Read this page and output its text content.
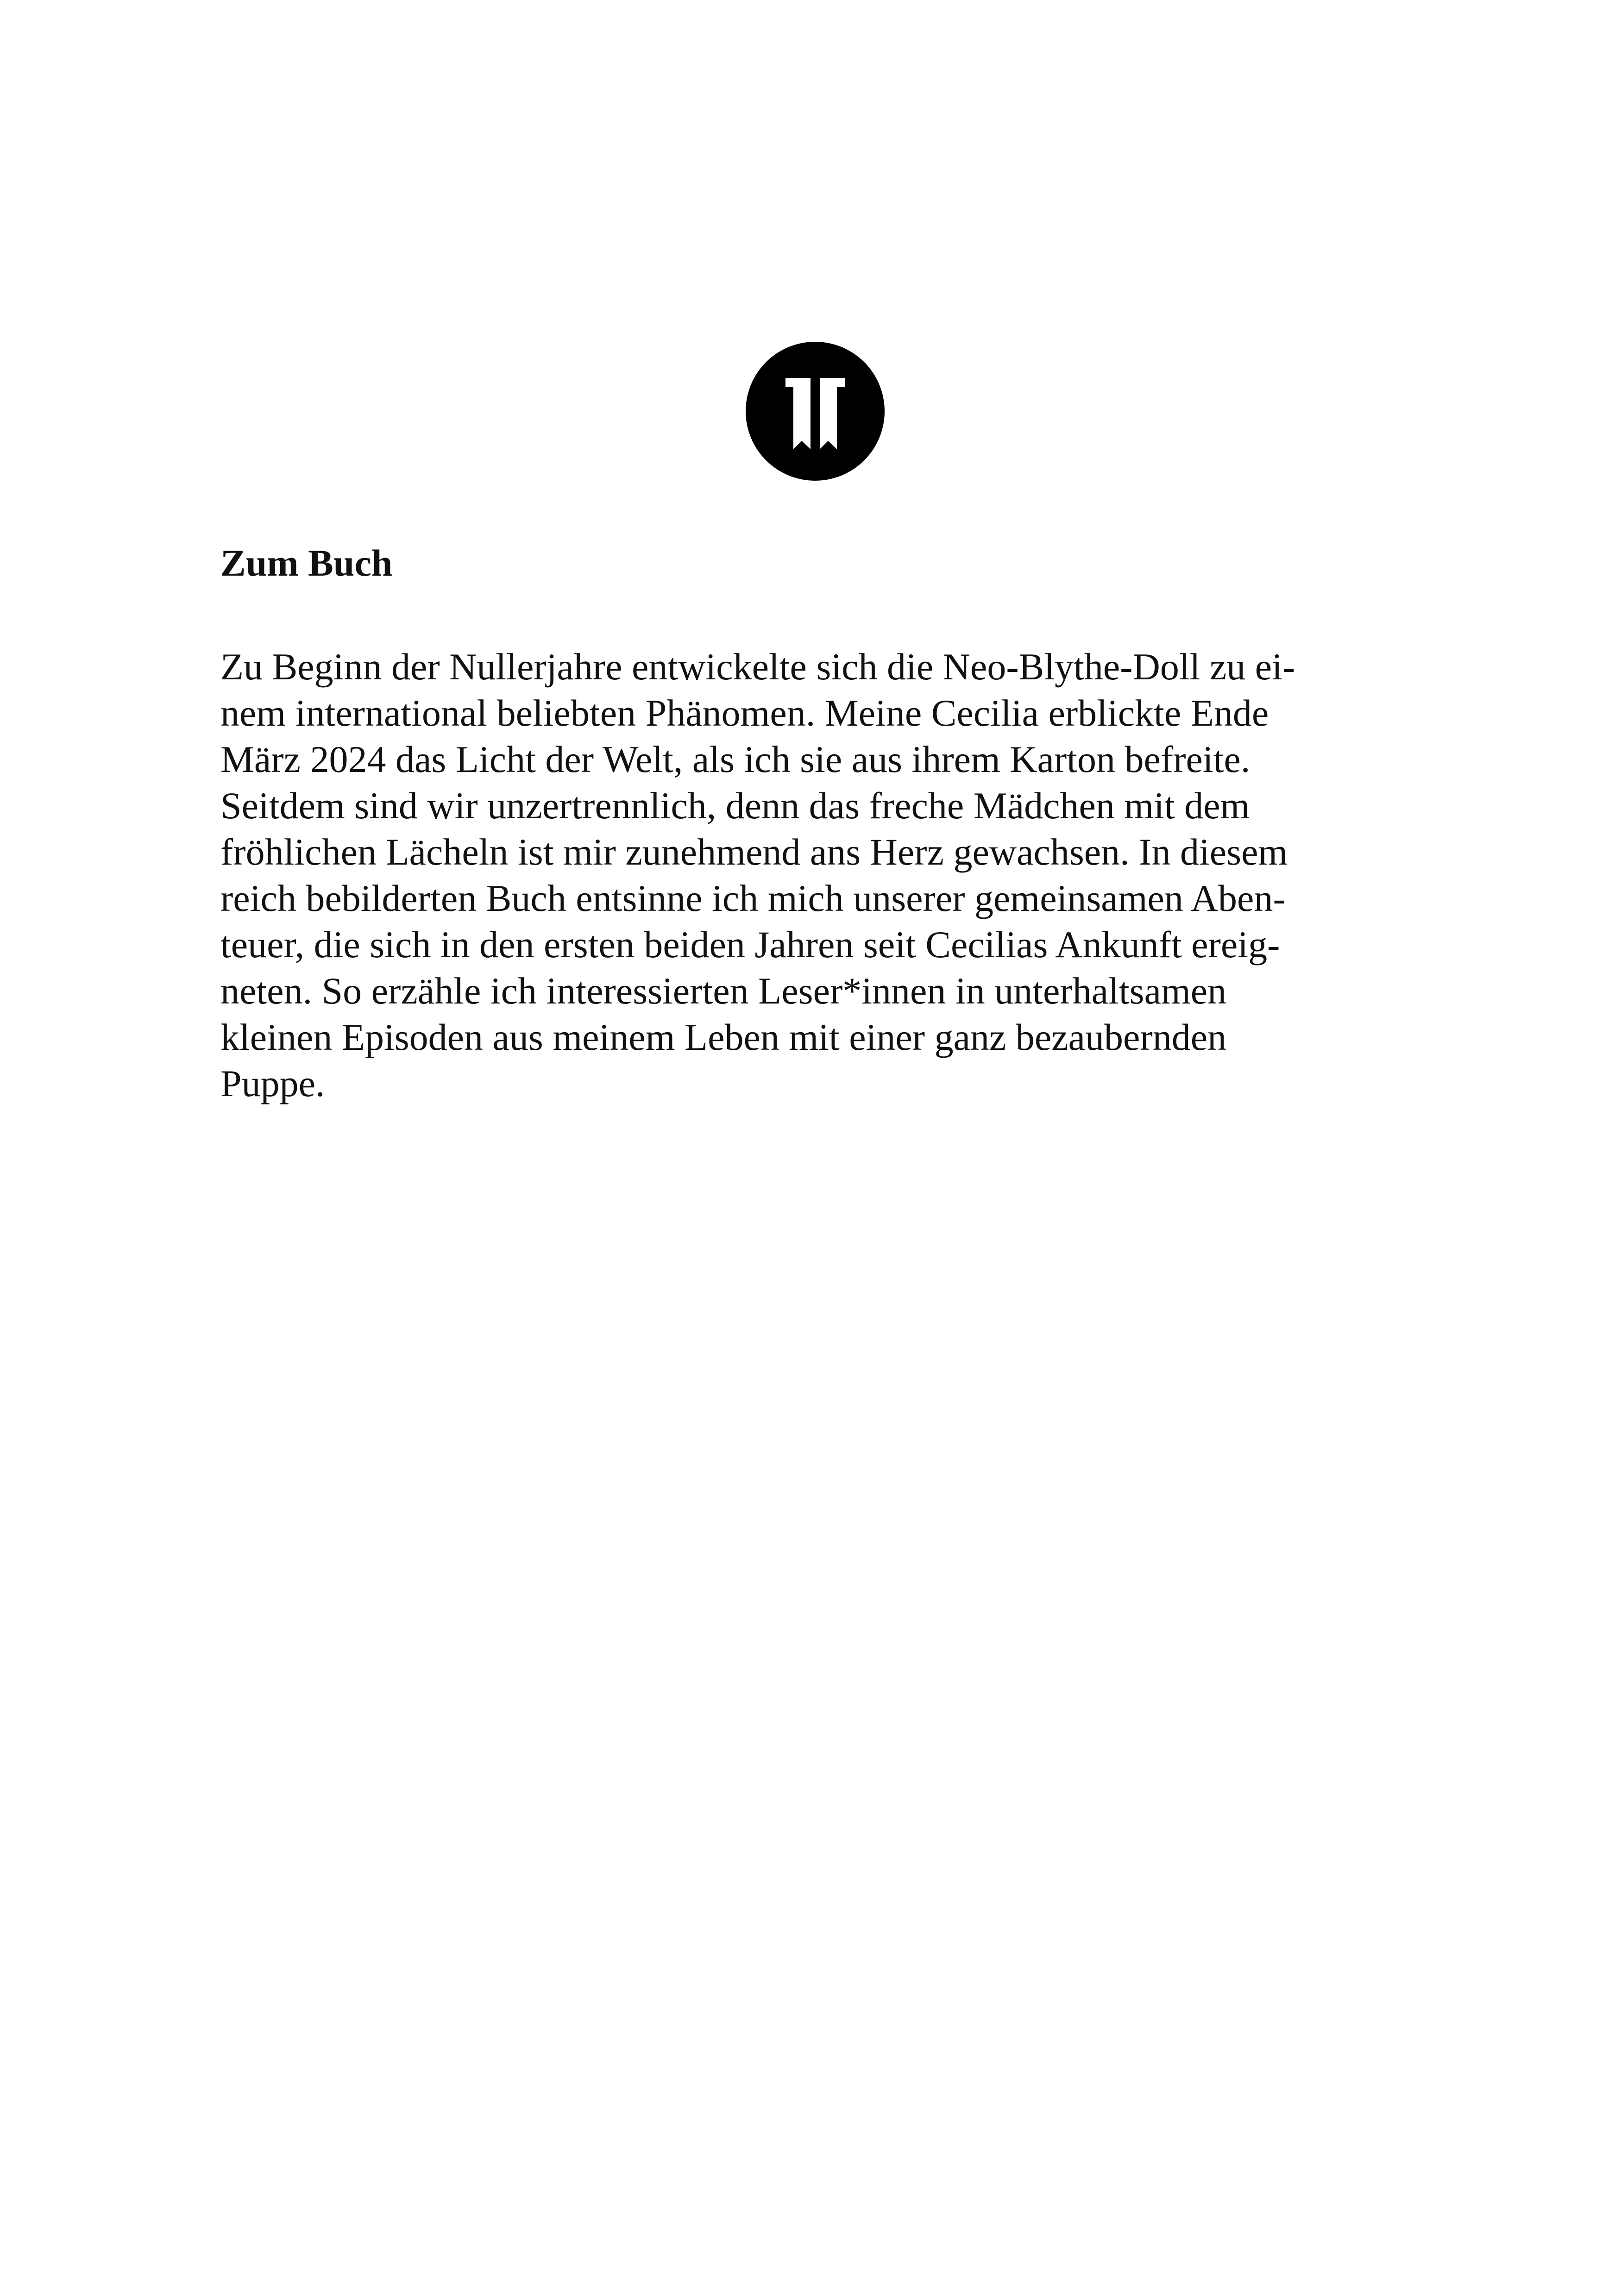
Zum Buch

Zu Beginn der Nullerjahre entwickelte sich die Neo-Blythe-Doll zu ei-
nem international beliebten Phänomen. Meine Cecilia erblickte Ende
März 2024 das Licht der Welt, als ich sie aus ihrem Karton befreite.
Seitdem sind wir unzertrennlich, denn das freche Mädchen mit dem
fröhlichen Lächeln ist mir zunehmend ans Herz gewachsen. In diesem
reich bebilderten Buch entsinne ich mich unserer gemeinsamen Aben-
teuer, die sich in den ersten beiden Jahren seit Cecilias Ankunft ereig-
neten. So erzähle ich interessierten Leser*innen in unterhaltsamen
kleinen Episoden aus meinem Leben mit einer ganz bezaubernden
Puppe.
